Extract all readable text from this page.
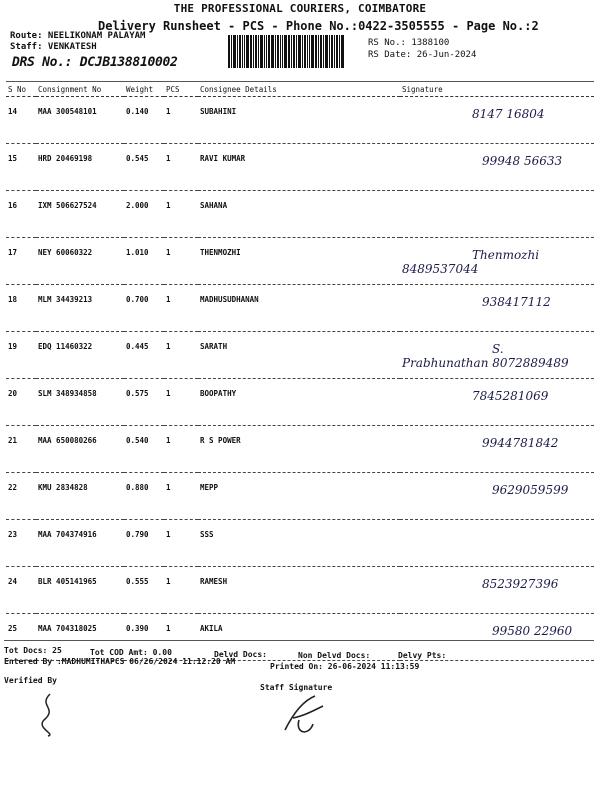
THE PROFESSIONAL COURIERS, COIMBATORE
Delivery Runsheet - PCS - Phone No.:0422-3505555 - Page No.:2
Route: NEELIKONAM PALAYAM
Staff: VENKATESH
DRS No.: DCJB138810002
RS No.: 1388100
RS Date: 26-Jun-2024
S No	Consignment No	Weight	PCS	Consignee Details	Signature
14	MAA 300548101	0.140	1	SUBAHINI	8147 16804
15	HRD 20469198	0.545	1	RAVI KUMAR	99948 56633
16	IXM 506627524	2.000	1	SAHANA	
17	NEY 60060322	1.010	1	THENMOZHI	Thenmozhi 8489537044
18	MLM 34439213	0.700	1	MADHUSUDHANAN	938417112
19	EDQ 11460322	0.445	1	SARATH	S. Prabhunathan 8072889489
20	SLM 348934858	0.575	1	BOOPATHY	7845281069
21	MAA 650080266	0.540	1	R S POWER	9944781842
22	KMU 2834828	0.880	1	MEPP	9629059599
23	MAA 704374916	0.790	1	SSS	
24	BLR 405141965	0.555	1	RAMESH	8523927396
25	MAA 704318025	0.390	1	AKILA	99580 22960
Tot Docs: 25	Tot COD Amt: 0.00	Delvd Docs:	Non Delvd Docs:	Delvy Pts:
Entered By :MADHUMITHAPCS 06/26/2024 11:12:20 AM
Printed On: 26-06-2024 11:13:59
Verified By
Staff Signature
